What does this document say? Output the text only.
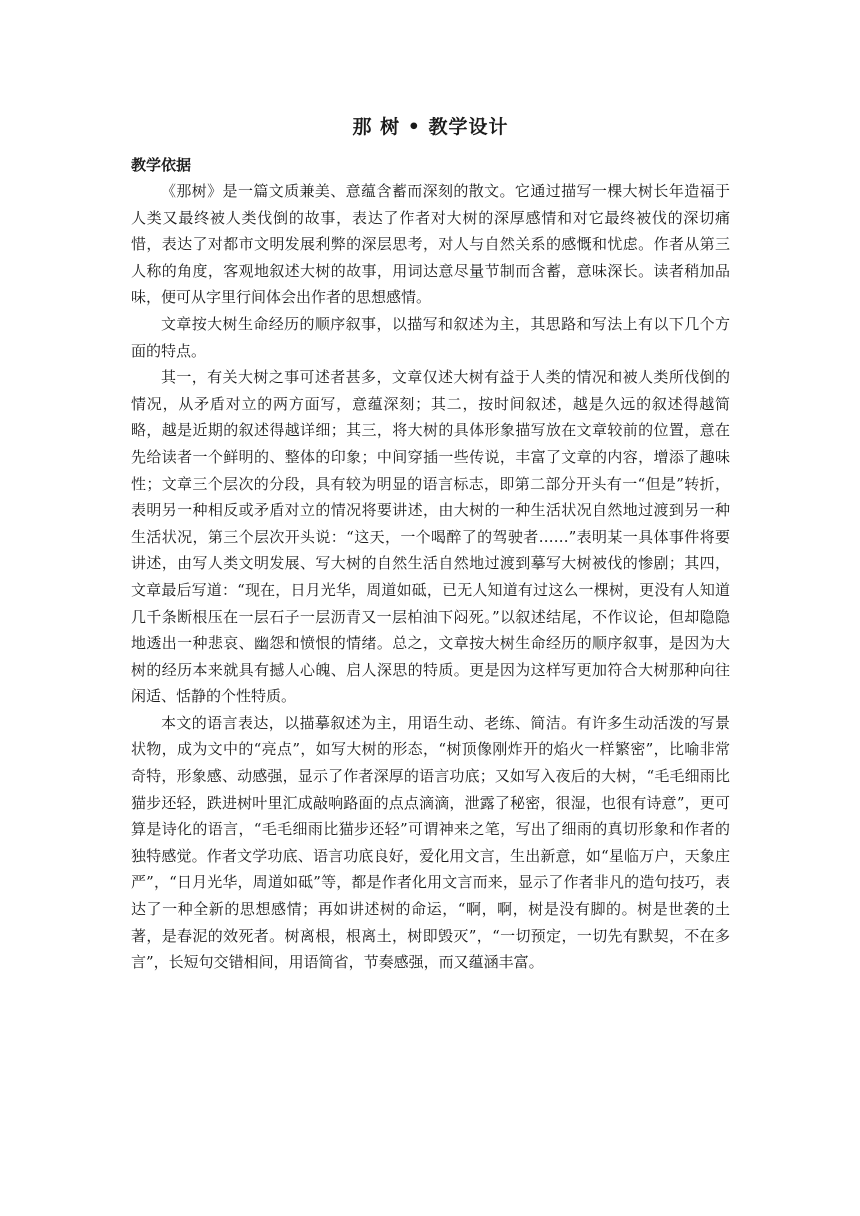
那 树 • 教学设计
教学依据

《那树》是一篇文质兼美、意蕴含蓄而深刻的散文。它通过描写一棵大树长年造福于人类又最终被人类伐倒的故事，表达了作者对大树的深厚感情和对它最终被伐的深切痛惜，表达了对都市文明发展利弊的深层思考，对人与自然关系的感慨和忧虑。作者从第三人称的角度，客观地叙述大树的故事，用词达意尽量节制而含蓄，意味深长。读者稍加品味，便可从字里行间体会出作者的思想感情。

文章按大树生命经历的顺序叙事，以描写和叙述为主，其思路和写法上有以下几个方面的特点。

其一，有关大树之事可述者甚多，文章仅述大树有益于人类的情况和被人类所伐倒的情况，从矛盾对立的两方面写，意蕴深刻；其二，按时间叙述，越是久远的叙述得越简略，越是近期的叙述得越详细；其三，将大树的具体形象描写放在文章较前的位置，意在先给读者一个鲜明的、整体的印象；中间穿插一些传说，丰富了文章的内容，增添了趣味性；文章三个层次的分段，具有较为明显的语言标志，即第二部分开头有一“但是”转折，表明另一种相反或矛盾对立的情况将要讲述，由大树的一种生活状况自然地过渡到另一种生活状况，第三个层次开头说：“这天，一个喝醉了的驾驶者……”表明某一具体事件将要讲述，由写人类文明发展、写大树的自然生活自然地过渡到摹写大树被伐的惨剧；其四，文章最后写道：“现在，日月光华，周道如砥，已无人知道有过这么一棵树，更没有人知道几千条断根压在一层石子一层沥青又一层柏油下闷死。”以叙述结尾，不作议论，但却隐隐地透出一种悲哀、幽怨和愤恨的情绪。总之，文章按大树生命经历的顺序叙事，是因为大树的经历本来就具有撼人心魄、启人深思的特质。更是因为这样写更加符合大树那种向往闲适、恬静的个性特质。

本文的语言表达，以描摹叙述为主，用语生动、老练、简洁。有许多生动活泼的写景状物，成为文中的“亮点”，如写大树的形态，“树顶像刚炸开的焰火一样繁密”，比喻非常奇特，形象感、动感强，显示了作者深厚的语言功底；又如写入夜后的大树，“毛毛细雨比猫步还轻，跌进树叶里汇成敲响路面的点点滴滴，泄露了秘密，很湿，也很有诗意”，更可算是诗化的语言，“毛毛细雨比猫步还轻”可谓神来之笔，写出了细雨的真切形象和作者的独特感觉。作者文学功底、语言功底良好，爱化用文言，生出新意，如“星临万户，天象庄严”，“日月光华，周道如砥”等，都是作者化用文言而来，显示了作者非凡的造句技巧，表达了一种全新的思想感情；再如讲述树的命运，“啊，啊，树是没有脚的。树是世袭的土著，是春泥的效死者。树离根，根离土，树即毁灭”，“一切预定，一切先有默契，不在多言”，长短句交错相间，用语简省，节奏感强，而又蕴涵丰富。
